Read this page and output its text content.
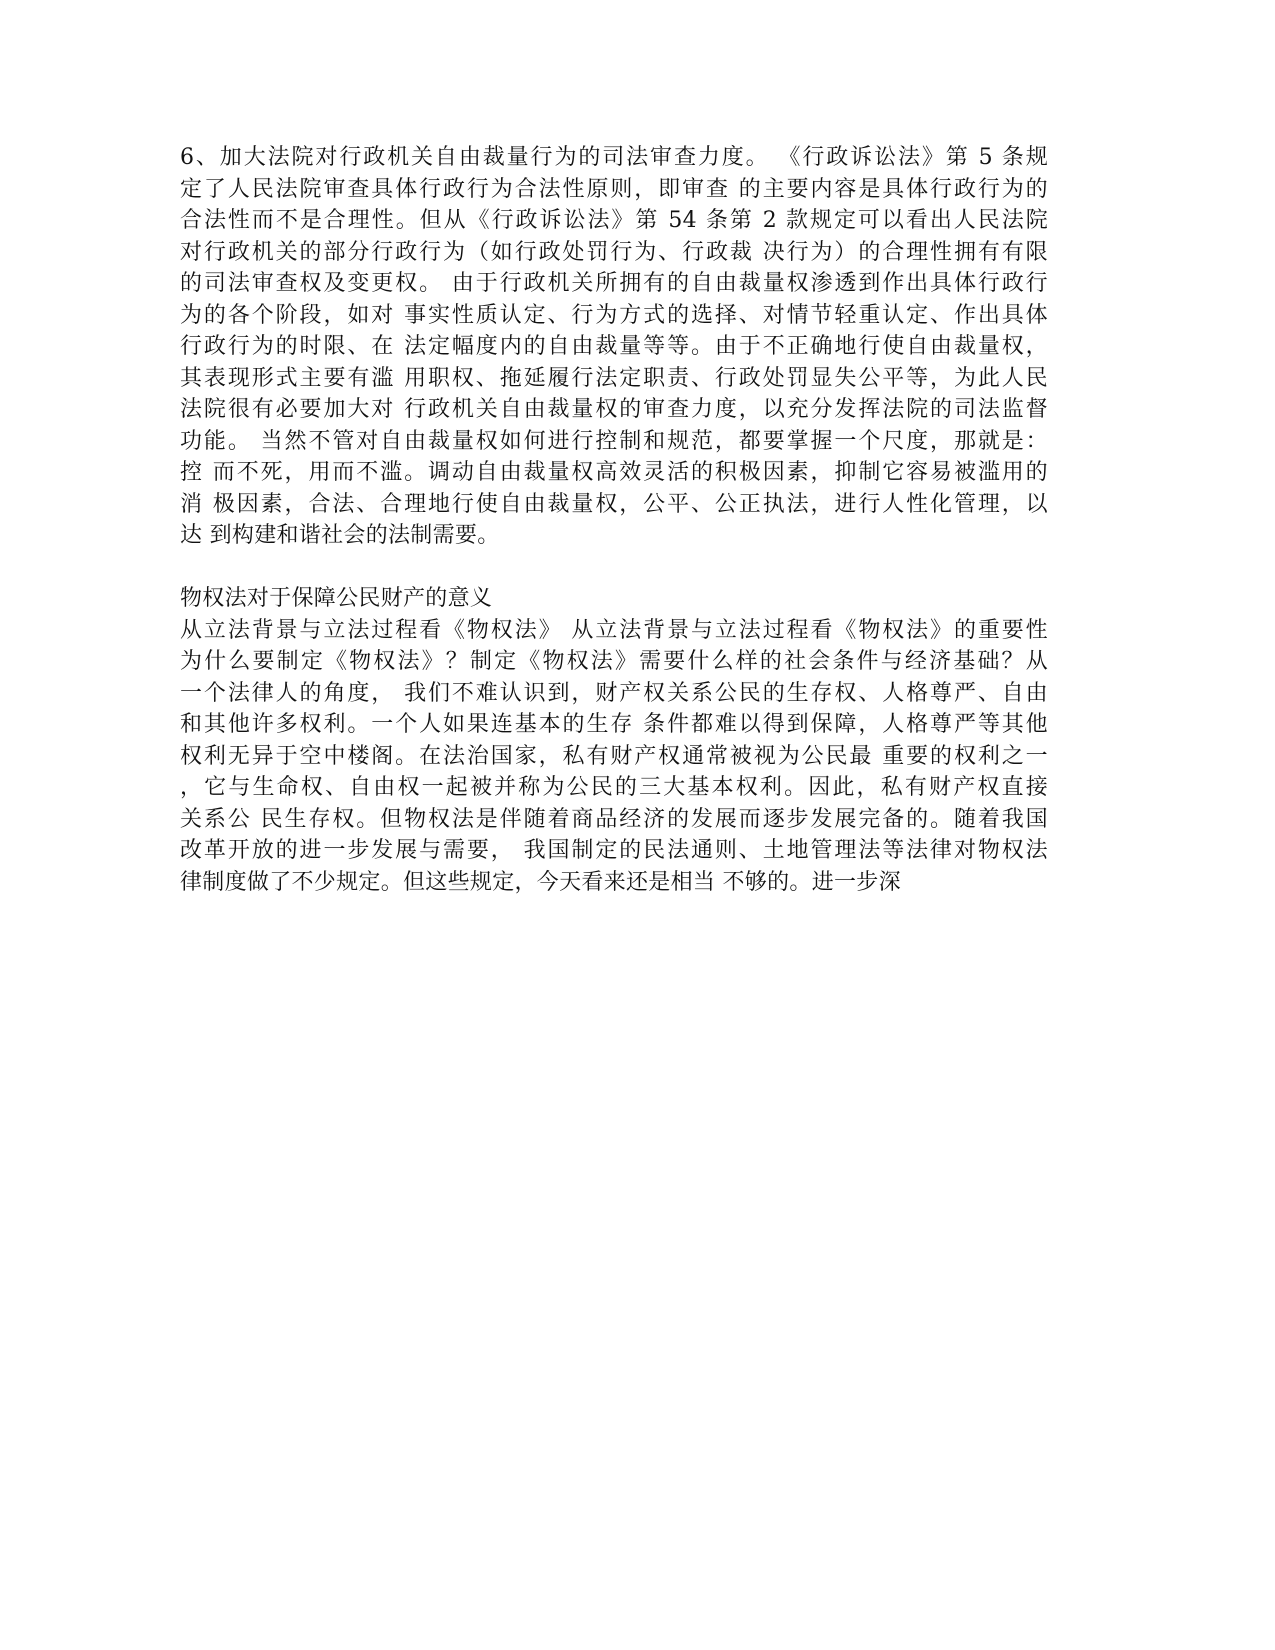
6、加大法院对行政机关自由裁量行为的司法审查力度。 《行政诉讼法》第 5 条规
定了人民法院审查具体行政行为合法性原则，即审查 的主要内容是具体行政行为的
合法性而不是合理性。但从《行政诉讼法》第 54 条第 2 款规定可以看出人民法院
对行政机关的部分行政行为（如行政处罚行为、行政裁 决行为）的合理性拥有有限
的司法审查权及变更权。 由于行政机关所拥有的自由裁量权渗透到作出具体行政行
为的各个阶段，如对 事实性质认定、行为方式的选择、对情节轻重认定、作出具体
行政行为的时限、在 法定幅度内的自由裁量等等。由于不正确地行使自由裁量权，
其表现形式主要有滥 用职权、拖延履行法定职责、行政处罚显失公平等，为此人民
法院很有必要加大对 行政机关自由裁量权的审查力度，以充分发挥法院的司法监督
功能。 当然不管对自由裁量权如何进行控制和规范，都要掌握一个尺度，那就是：
控 而不死，用而不滥。调动自由裁量权高效灵活的积极因素，抑制它容易被滥用的
消 极因素，合法、合理地行使自由裁量权，公平、公正执法，进行人性化管理，以
达 到构建和谐社会的法制需要。
物权法对于保障公民财产的意义
从立法背景与立法过程看《物权法》 从立法背景与立法过程看《物权法》的重要性
为什么要制定《物权法》？制定《物权法》需要什么样的社会条件与经济基础？从
一个法律人的角度， 我们不难认识到，财产权关系公民的生存权、人格尊严、自由
和其他许多权利。一个人如果连基本的生存 条件都难以得到保障，人格尊严等其他
权利无异于空中楼阁。在法治国家，私有财产权通常被视为公民最 重要的权利之一
，它与生命权、自由权一起被并称为公民的三大基本权利。因此，私有财产权直接
关系公 民生存权。但物权法是伴随着商品经济的发展而逐步发展完备的。随着我国
改革开放的进一步发展与需要， 我国制定的民法通则、土地管理法等法律对物权法
律制度做了不少规定。但这些规定，今天看来还是相当 不够的。进一步深
